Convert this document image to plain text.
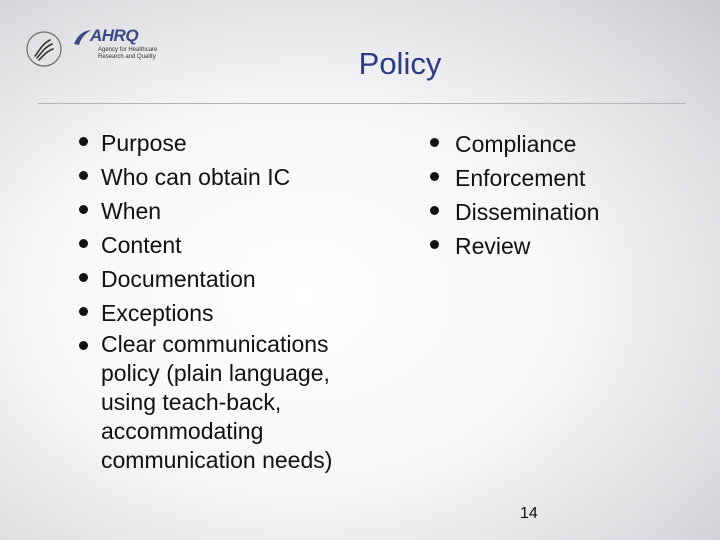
AHRQ
Agency for Healthcare
Research and Quality	Policy
Purpose
Who can obtain IC
When
Content
Documentation
Exceptions
Clear communications policy (plain language, using teach-back, accommodating communication needs)
Compliance
Enforcement
Dissemination
Review
14
